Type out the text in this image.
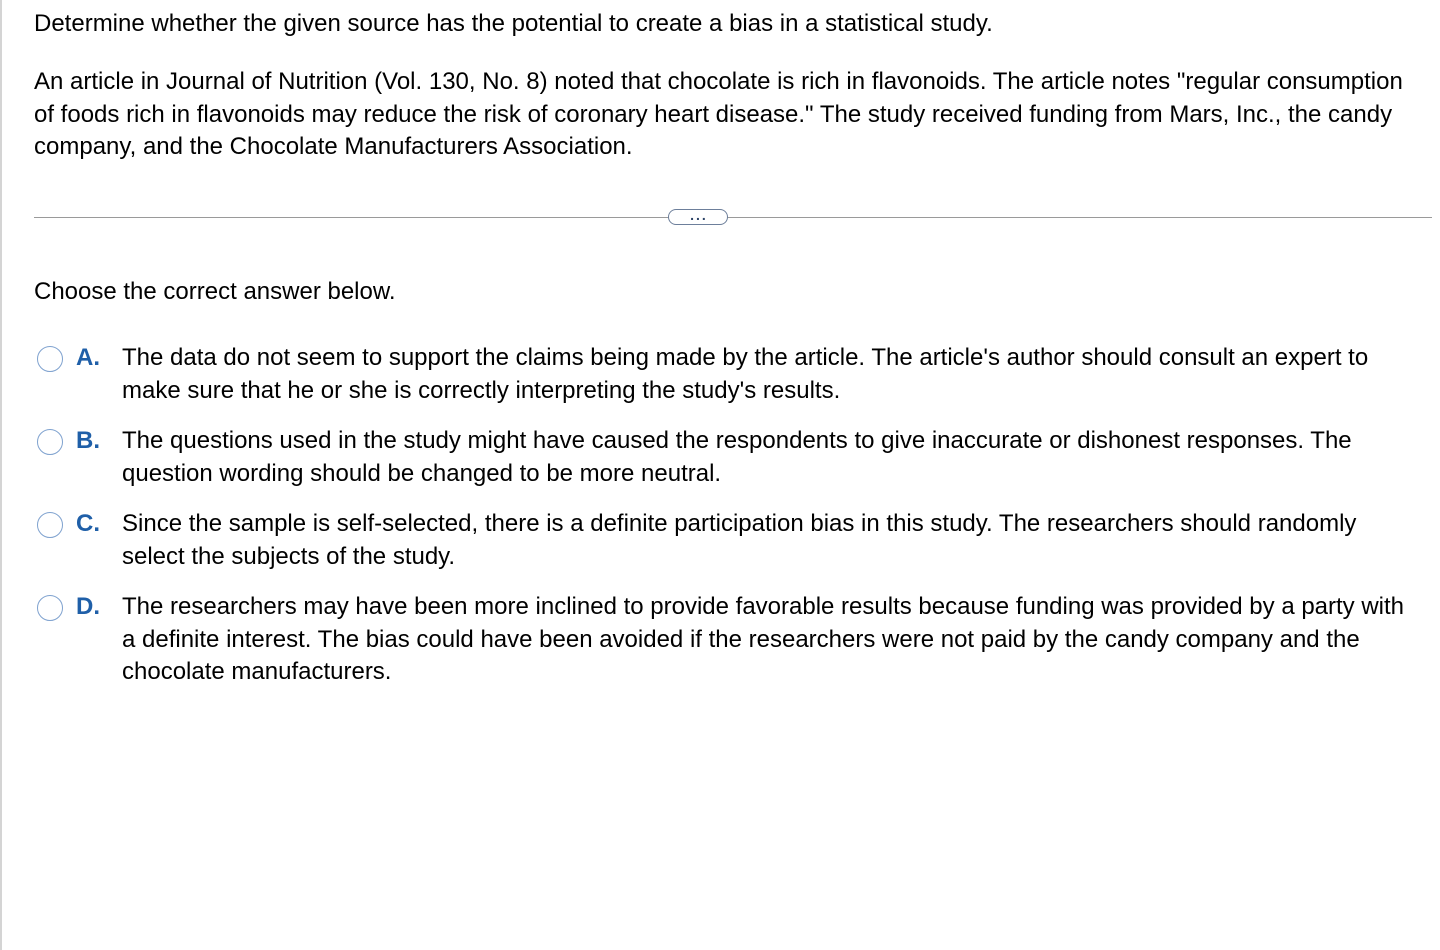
Determine whether the given source has the potential to create a bias in a statistical study.
An article in Journal of Nutrition (Vol. 130, No. 8) noted that chocolate is rich in flavonoids. The article notes "regular consumption of foods rich in flavonoids may reduce the risk of coronary heart disease." The study received funding from Mars, Inc., the candy company, and the Chocolate Manufacturers Association.
...
Choose the correct answer below.
A. The data do not seem to support the claims being made by the article. The article's author should consult an expert to make sure that he or she is correctly interpreting the study's results.
B. The questions used in the study might have caused the respondents to give inaccurate or dishonest responses. The question wording should be changed to be more neutral.
C. Since the sample is self-selected, there is a definite participation bias in this study. The researchers should randomly select the subjects of the study.
D. The researchers may have been more inclined to provide favorable results because funding was provided by a party with a definite interest. The bias could have been avoided if the researchers were not paid by the candy company and the chocolate manufacturers.
